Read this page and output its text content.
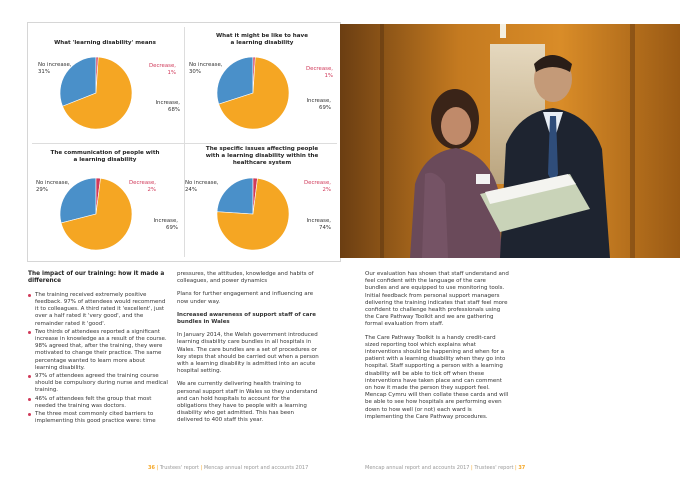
What 'learning disability' means
No increase,
31%
Decrease,
1%
Increase,
68%
What it might be like to have a learning disability
No increase,
30%	Decrease,
1%
Increase,
69%
The communication of people with a learning disability
No increase,
29%
Decrease,
2%
Increase,
69%
The specific issues affecting people with a learning disability within the healthcare system
No increase,
24%
Decrease,
2%
Increase,
74%
The impact of our training: how it made a difference
The training received extremely positive feedback. 97% of attendees would recommend it to colleagues. A third rated it 'excellent', just over a half rated it 'very good', and the remainder rated it 'good'.
Two thirds of attendees reported a significant increase in knowledge as a result of the course. 98% agreed that, after the training, they were motivated to change their practice. The same percentage wanted to learn more about learning disability.
97% of attendees agreed the training course should be compulsory during nurse and medical training.
46% of attendees felt the group that most needed the training was doctors.
The three most commonly cited barriers to implementing this good practice were: time

pressures, the attitudes, knowledge and habits of colleagues, and power dynamics

Plans for further engagement and influencing are now under way.

Increased awareness of support staff of care bundles in Wales

In January 2014, the Welsh government introduced learning disability care bundles in all hospitals in Wales. The care bundles are a set of procedures or key steps that should be carried out when a person with a learning disability is admitted into an acute hospital setting.

We are currently delivering health training to personal support staff in Wales so they understand and can hold hospitals to account for the obligations they have to people with a learning disability who get admitted. This has been delivered to 400 staff this year.

Our evaluation has shown that staff understand and feel confident with the language of the care bundles and are equipped to use monitoring tools. Initial feedback from personal support managers delivering the training indicates that staff feel more confident to challenge health professionals using the Care Pathway Toolkit and we are gathering formal evaluation from staff.

The Care Pathway Toolkit is a handy credit-card sized reporting tool which explains what interventions should be happening and when for a patient with a learning disability when they go into hospital. Staff supporting a person with a learning disability will be able to tick off when these interventions have taken place and can comment on how it made the person they support feel. Mencap Cymru will then collate these cards and will be able to see how hospitals are performing even down to how well (or not) each ward is implementing the Care Pathway procedures.

36 | Trustees' report | Mencap annual report and accounts 2017	Mencap annual report and accounts 2017 | Trustees' report | 37
